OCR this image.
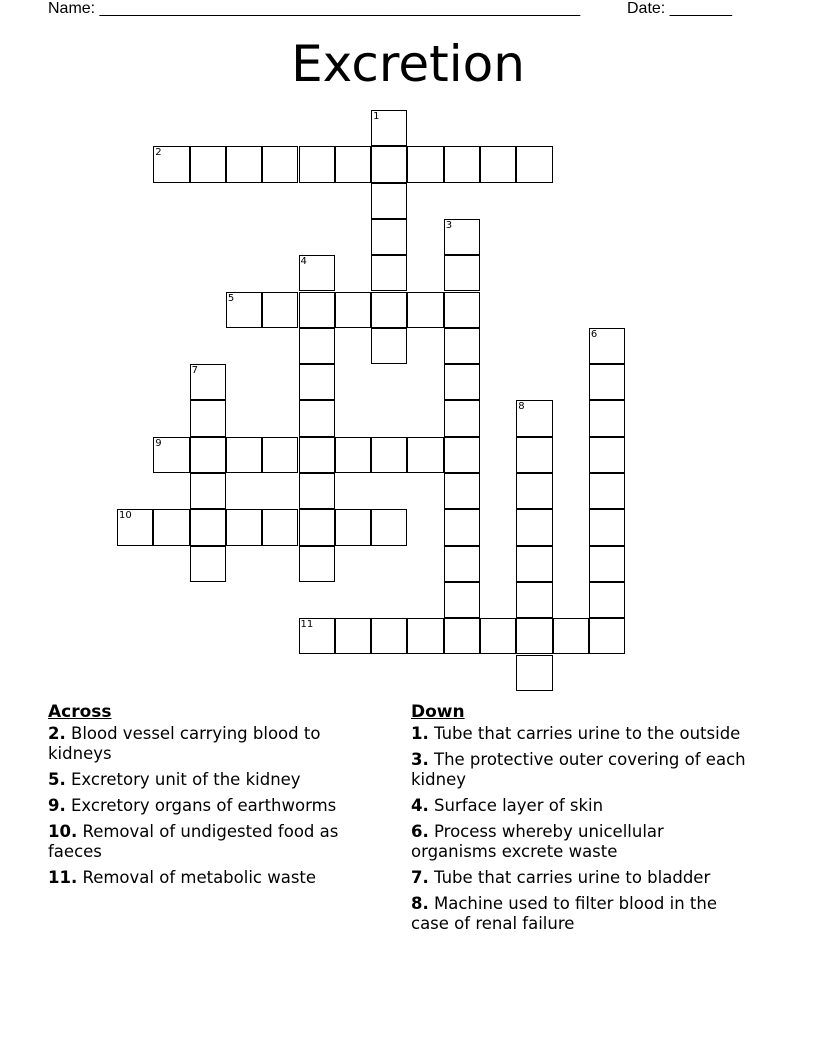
Name: ______________________________________________________	Date: _______
Excretion
1
2
3
4
5
6
7
8
9
10
11
Across
2. Blood vessel carrying blood to kidneys
5. Excretory unit of the kidney
9. Excretory organs of earthworms
10. Removal of undigested food as faeces
11. Removal of metabolic waste
Down
1. Tube that carries urine to the outside
3. The protective outer covering of each kidney
4. Surface layer of skin
6. Process whereby unicellular organisms excrete waste
7. Tube that carries urine to bladder
8. Machine used to filter blood in the case of renal failure
